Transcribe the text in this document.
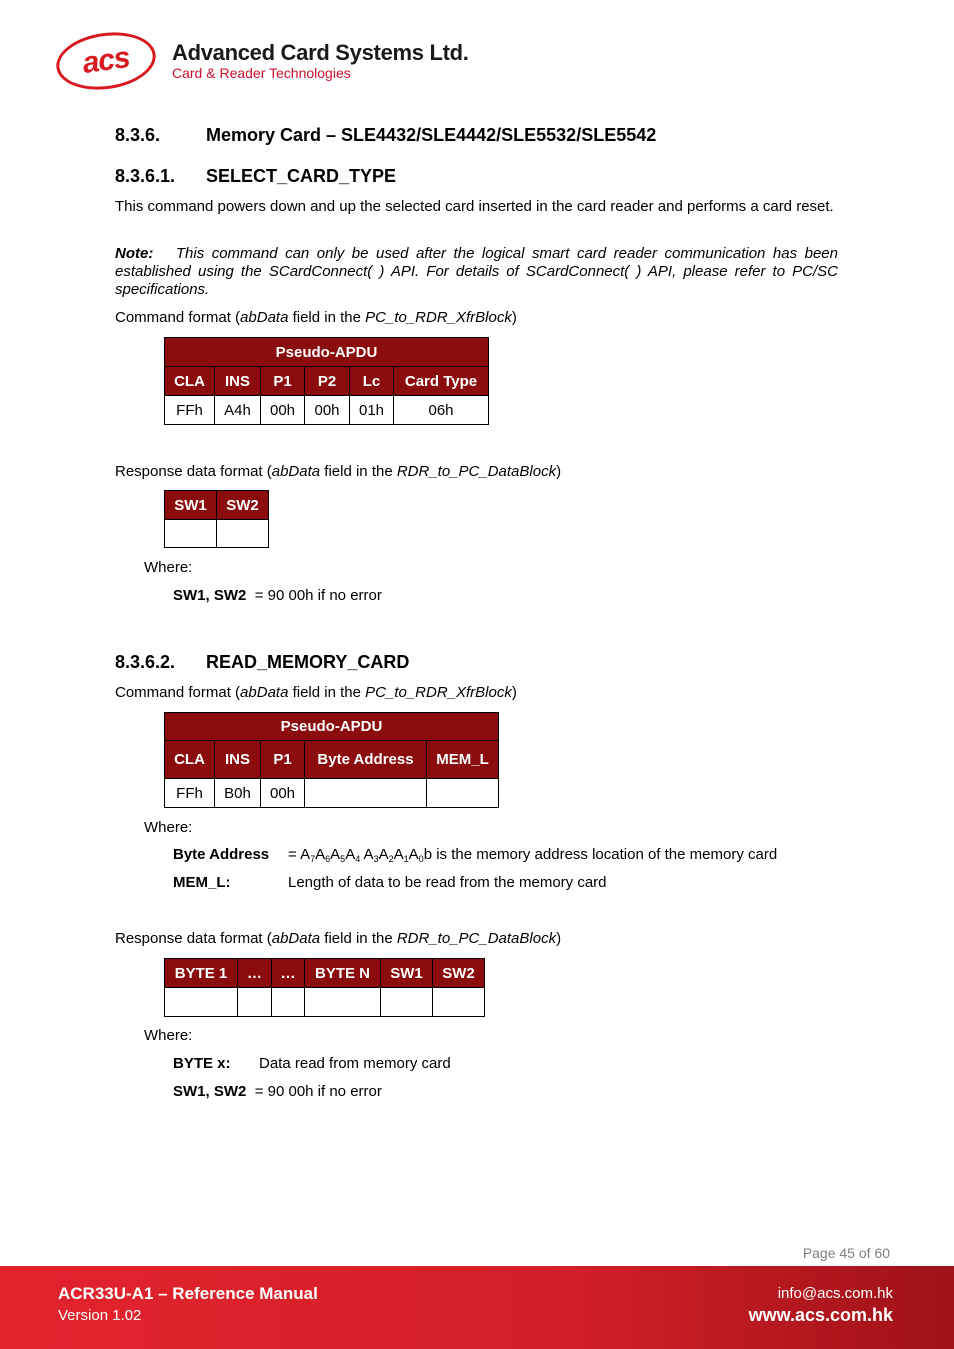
acs Advanced Card Systems Ltd.
Card & Reader Technologies
8.3.6.	Memory Card – SLE4432/SLE4442/SLE5532/SLE5542
8.3.6.1. SELECT_CARD_TYPE
This command powers down and up the selected card inserted in the card reader and performs a card reset.
Note: This command can only be used after the logical smart card reader communication has been established using the SCardConnect( ) API. For details of SCardConnect( ) API, please refer to PC/SC specifications.
Command format (abData field in the PC_to_RDR_XfrBlock)
Pseudo-APDU					
CLA	INS	P1	P2	Lc	Card Type
FFh	A4h	00h	00h	01h	06h
Response data format (abData field in the RDR_to_PC_DataBlock)
SW1	SW2

Where:
SW1, SW2 = 90 00h if no error
8.3.6.2. READ_MEMORY_CARD
Command format (abData field in the PC_to_RDR_XfrBlock)
Pseudo-APDU				
CLA	INS	P1	Byte Address	MEM_L
FFh	B0h	00h		
Where:
Byte Address = $A_7A_6A_5A_4$ $A_3A_2A_1A_0b$ is the memory address location of the memory card
MEM_L:	Length of data to be read from the memory card
Response data format (abData field in the RDR_to_PC_DataBlock)
BYTE 1	…	…	BYTE N	SW1	SW2

Where:
BYTE x: Data read from memory card
SW1, SW2 = 90 00h if no error
Page 45 of 60
ACR33U-A1 – Reference Manual
Version 1.02
info@acs.com.hk
www.acs.com.hk
